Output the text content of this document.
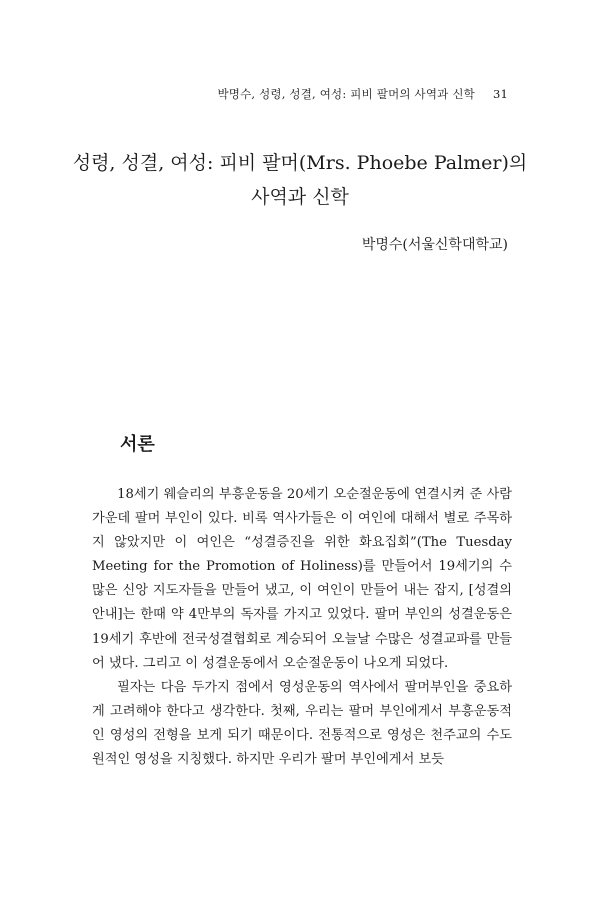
박명수, 성령, 성결, 여성: 피비 팔머의 사역과 신학 31
성령, 성결, 여성: 피비 팔머(Mrs. Phoebe Palmer)의
사역과 신학
박명수(서울신학대학교)
서론

18세기 웨슬리의 부흥운동을 20세기 오순절운동에 연결시켜 준 사람 가운데 팔머 부인이 있다. 비록 역사가들은 이 여인에 대해서 별로 주목하지 않았지만 이 여인은 “성결증진을 위한 화요집회”(The Tuesday Meeting for the Promotion of Holiness)를 만들어서 19세기의 수 많은 신앙 지도자들을 만들어 냈고, 이 여인이 만들어 내는 잡지, [성결의 안내]는 한때 약 4만부의 독자를 가지고 있었다. 팔머 부인의 성결운동은 19세기 후반에 전국성결협회로 계승되어 오늘날 수많은 성결교파를 만들어 냈다. 그리고 이 성결운동에서 오순절운동이 나오게 되었다.

필자는 다음 두가지 점에서 영성운동의 역사에서 팔머부인을 중요하게 고려해야 한다고 생각한다. 첫째, 우리는 팔머 부인에게서 부흥운동적인 영성의 전형을 보게 되기 때문이다. 전통적으로 영성은 천주교의 수도원적인 영성을 지칭했다. 하지만 우리가 팔머 부인에게서 보듯
